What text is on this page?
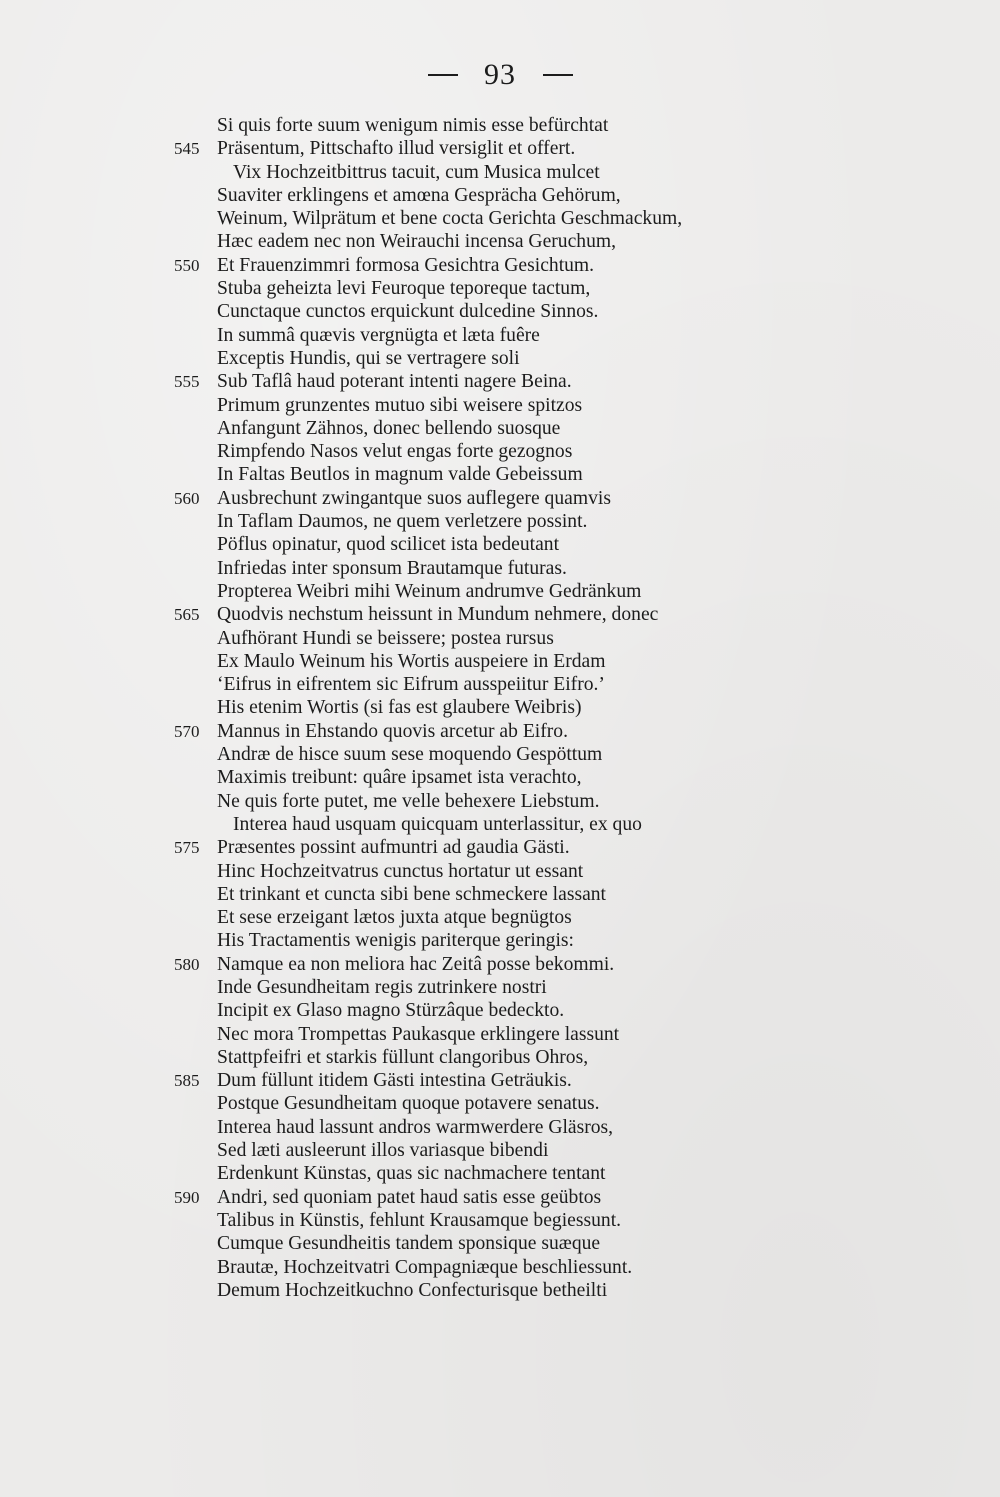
93
Si quis forte suum wenigum nimis esse befürchtat
545 Präsentum, Pittschafto illud versiglit et offert.
Vix Hochzeitbittrus tacuit, cum Musica mulcet
Suaviter erklingens et amœna Gesprächa Gehörum,
Weinum, Wilprätum et bene cocta Gerichta Geschmackum,
Hæc eadem nec non Weirauchi incensa Geruchum,
550 Et Frauenzimmri formosa Gesichtra Gesichtum.
Stuba geheizta levi Feuroque teporeque tactum,
Cunctaque cunctos erquickunt dulcedine Sinnos.
In summâ quævis vergnügta et læta fuêre
Exceptis Hundis, qui se vertragere soli
555 Sub Taflâ haud poterant intenti nagere Beina.
Primum grunzentes mutuo sibi weisere spitzos
Anfangunt Zähnos, donec bellendo suosque
Rimpfendo Nasos velut engas forte gezognos
In Faltas Beutlos in magnum valde Gebeissum
560 Ausbrechunt zwingantque suos auflegere quamvis
In Taflam Daumos, ne quem verletzere possint.
Pöflus opinatur, quod scilicet ista bedeutant
Infriedas inter sponsum Brautamque futuras.
Propterea Weibri mihi Weinum andrumve Gedränkum
565 Quodvis nechstum heissunt in Mundum nehmere, donec
Aufhörant Hundi se beissere; postea rursus
Ex Maulo Weinum his Wortis auspeiere in Erdam
‘Eifrus in eifrentem sic Eifrum ausspeiitur Eifro.’
His etenim Wortis (si fas est glaubere Weibris)
570 Mannus in Ehstando quovis arcetur ab Eifro.
Andræ de hisce suum sese moquendo Gespöttum
Maximis treibunt: quâre ipsamet ista verachto,
Ne quis forte putet, me velle behexere Liebstum.
Interea haud usquam quicquam unterlassitur, ex quo
575 Præsentes possint aufmuntri ad gaudia Gästi.
Hinc Hochzeitvatrus cunctus hortatur ut essant
Et trinkant et cuncta sibi bene schmeckere lassant
Et sese erzeigant lætos juxta atque begnügtos
His Tractamentis wenigis pariterque geringis:
580 Namque ea non meliora hac Zeitâ posse bekommi.
Inde Gesundheitam regis zutrinkere nostri
Incipit ex Glaso magno Stürzâque bedeckto.
Nec mora Trompettas Paukasque erklingere lassunt
Stattpfeifri et starkis füllunt clangoribus Ohros,
585 Dum füllunt itidem Gästi intestina Geträukis.
Postque Gesundheitam quoque potavere senatus.
Interea haud lassunt andros warmwerdere Gläsros,
Sed læti ausleerunt illos variasque bibendi
Erdenkunt Künstas, quas sic nachmachere tentant
590 Andri, sed quoniam patet haud satis esse geübtos
Talibus in Künstis, fehlunt Krausamque begiessunt.
Cumque Gesundheitis tandem sponsique suæque
Brautæ, Hochzeitvatri Compagniæque beschliessunt.
Demum Hochzeitkuchno Confecturisque betheilti
